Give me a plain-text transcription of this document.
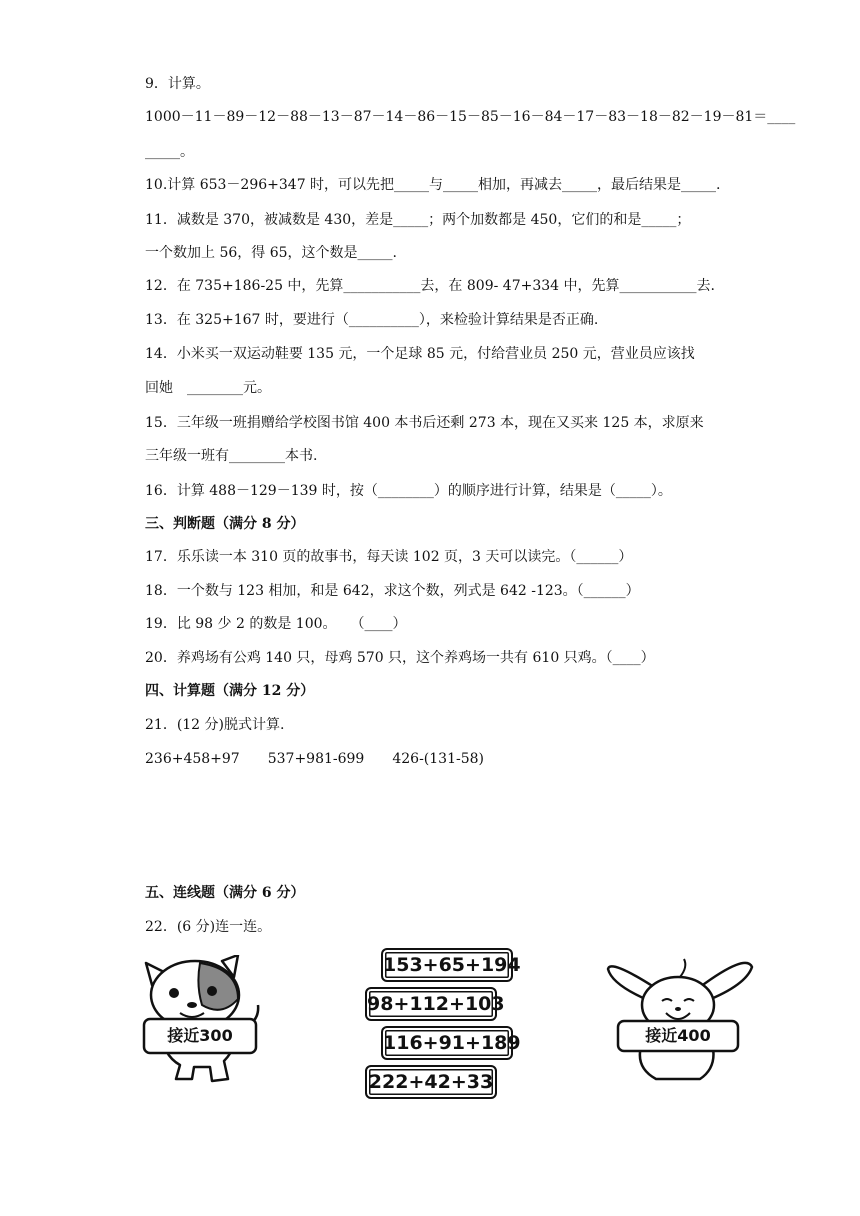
9．计算。
1000－11－89－12－88－13－87－14－86－15－85－16－84－17－83－18－82－19－81＝____
_____。
10.计算 653－296+347 时，可以先把_____与_____相加，再减去_____，最后结果是_____.
11．减数是 370，被减数是 430，差是_____；两个加数都是 450，它们的和是_____；
一个数加上 56，得 65，这个数是_____.
12．在 735+186-25 中，先算___________去，在 809- 47+334 中，先算___________去.
13．在 325+167 时，要进行（__________），来检验计算结果是否正确.
14．小米买一双运动鞋要 135 元，一个足球 85 元，付给营业员 250 元，营业员应该找
回她　________元。
15．三年级一班捐赠给学校图书馆 400 本书后还剩 273 本，现在又买来 125 本，求原来
三年级一班有________本书.
16．计算 488－129－139 时，按（________）的顺序进行计算，结果是（_____）。
三、判断题（满分 8 分）
17．乐乐读一本 310 页的故事书，每天读 102 页，3 天可以读完。（______）
18．一个数与 123 相加，和是 642，求这个数，列式是 642 -123。（______）
19．比 98 少 2 的数是 100。　　（____）
20．养鸡场有公鸡 140 只，母鸡 570 只，这个养鸡场一共有 610 只鸡。（____）
四、计算题（满分 12 分）
21．(12 分)脱式计算.
236+458+97　　537+981-699　　426-(131-58)
五、连线题（满分 6 分）
22．(6 分)连一连。
接近300
153+65+194
98+112+103
116+91+189
222+42+33
接近400
